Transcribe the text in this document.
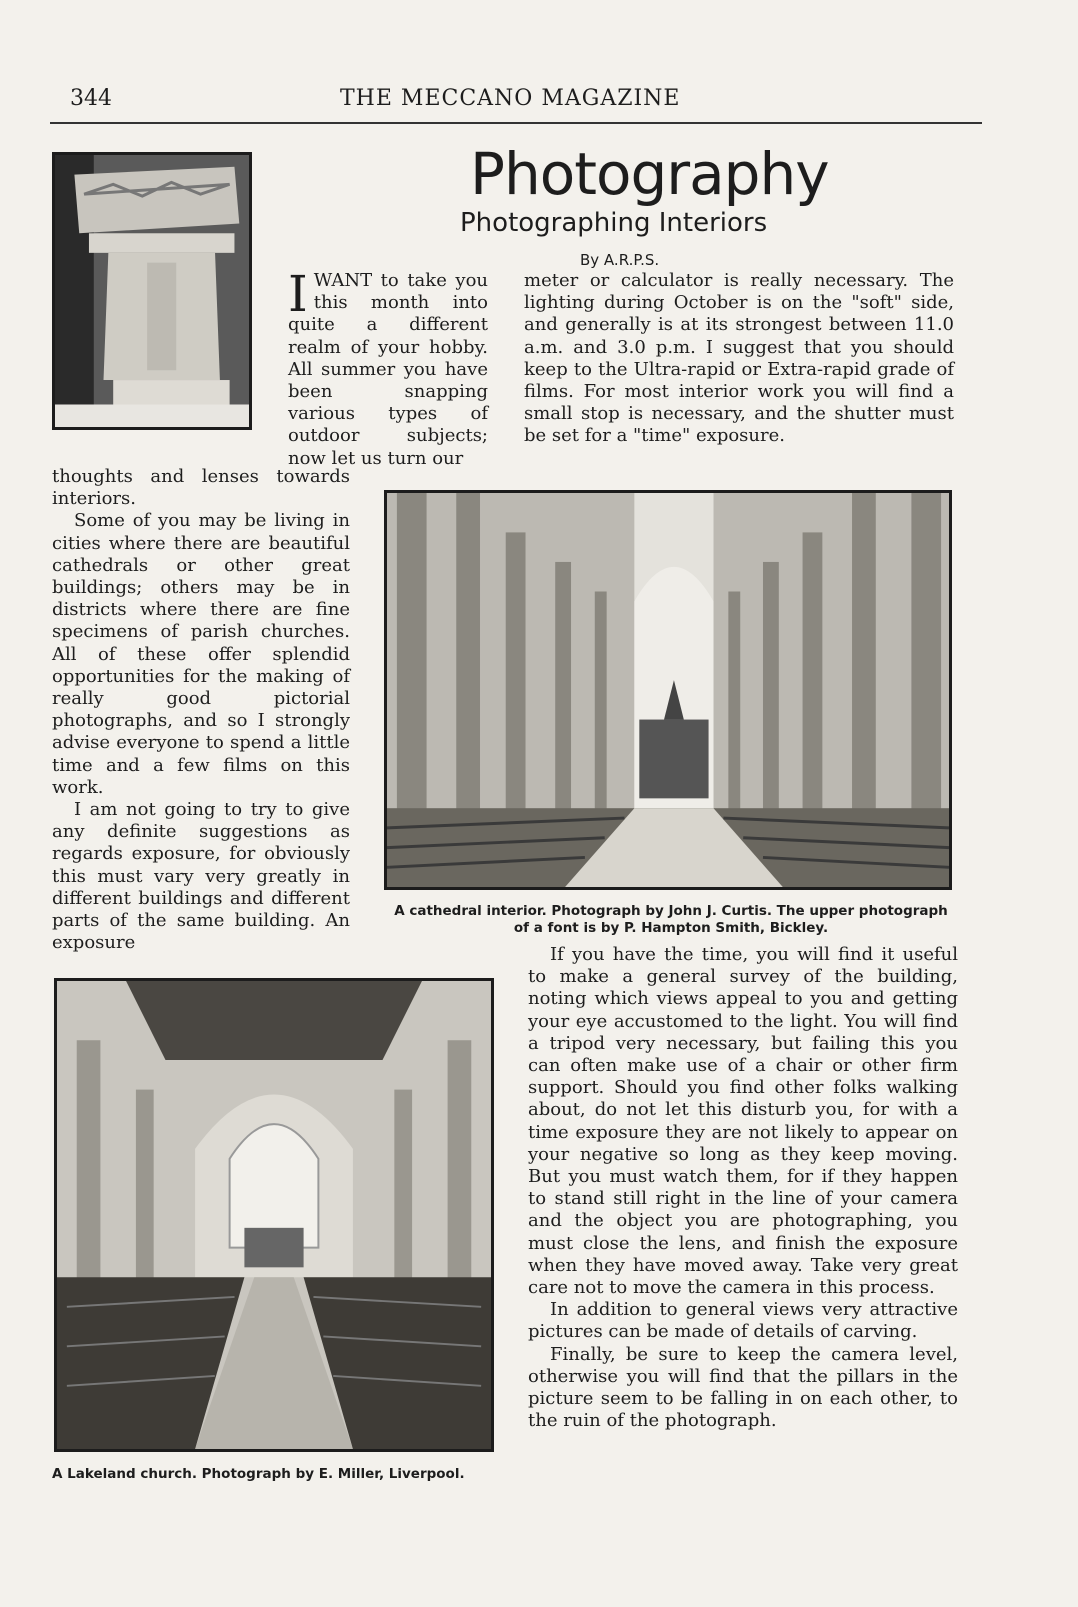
344	THE MECCANO MAGAZINE
Photography
Photographing Interiors
By A.R.P.S.
IWANT to take you this month into quite a different realm of your hobby. All summer you have been snapping various types of outdoor subjects; now let us turn our
meter or calculator is really necessary. The lighting during October is on the "soft" side, and generally is at its strongest between 11.0 a.m. and 3.0 p.m. I suggest that you should keep to the Ultra-rapid or Extra-rapid grade of films. For most interior work you will find a small stop is necessary, and the shutter must be set for a "time" exposure.

thoughts and lenses towards interiors.

Some of you may be living in cities where there are beautiful cathedrals or other great buildings; others may be in districts where there are fine specimens of parish churches. All of these offer splendid opportunities for the making of really good pictorial photographs, and so I strongly advise everyone to spend a little time and a few films on this work.

I am not going to try to give any definite suggestions as regards exposure, for obviously this must vary very greatly in different buildings and different parts of the same building. An exposure

A cathedral interior. Photograph by John J. Curtis. The upper photograph of a font is by P. Hampton Smith, Bickley.
A Lakeland church. Photograph by E. Miller, Liverpool.

If you have the time, you will find it useful to make a general survey of the building, noting which views appeal to you and getting your eye accustomed to the light. You will find a tripod very necessary, but failing this you can often make use of a chair or other firm support. Should you find other folks walking about, do not let this disturb you, for with a time exposure they are not likely to appear on your negative so long as they keep moving. But you must watch them, for if they happen to stand still right in the line of your camera and the object you are photographing, you must close the lens, and finish the exposure when they have moved away. Take very great care not to move the camera in this process.

In addition to general views very attractive pictures can be made of details of carving.

Finally, be sure to keep the camera level, otherwise you will find that the pillars in the picture seem to be falling in on each other, to the ruin of the photograph.
